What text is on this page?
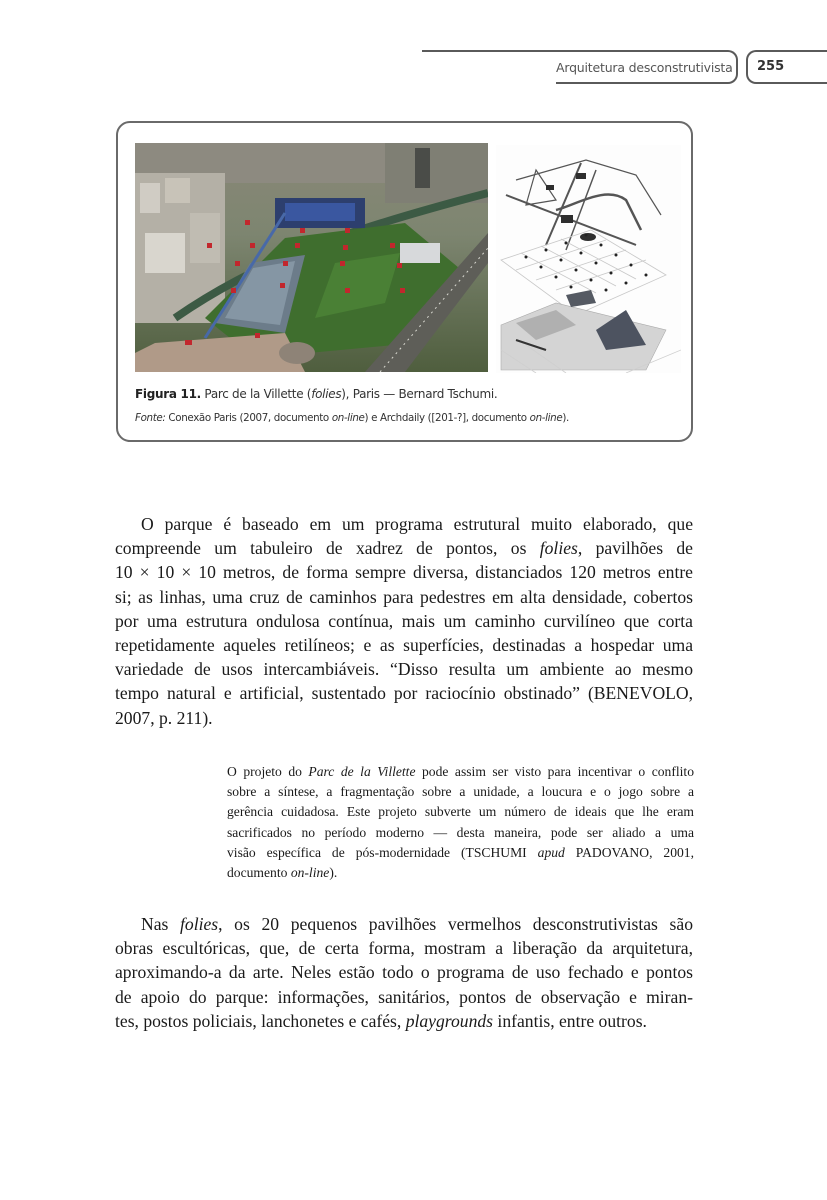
Arquitetura desconstrutivista 255
Figura 11. Parc de la Villette (folies), Paris — Bernard Tschumi.
Fonte: Conexão Paris (2007, documento on-line) e Archdaily ([201-?], documento on-line).
O parque é baseado em um programa estrutural muito elaborado, que
compreende um tabuleiro de xadrez de pontos, os folies, pavilhões de
10 × 10 × 10 metros, de forma sempre diversa, distanciados 120 metros entre
si; as linhas, uma cruz de caminhos para pedestres em alta densidade, cobertos
por uma estrutura ondulosa contínua, mais um caminho curvilíneo que corta
repetidamente aqueles retilíneos; e as superfícies, destinadas a hospedar uma
variedade de usos intercambiáveis. “Disso resulta um ambiente ao mesmo
tempo natural e artificial, sustentado por raciocínio obstinado” (BENEVOLO,
2007, p. 211).
O projeto do Parc de la Villette pode assim ser visto para incentivar o conflito
sobre a síntese, a fragmentação sobre a unidade, a loucura e o jogo sobre a
gerência cuidadosa. Este projeto subverte um número de ideais que lhe eram
sacrificados no período moderno — desta maneira, pode ser aliado a uma
visão específica de pós-modernidade (TSCHUMI apud PADOVANO, 2001,
documento on-line).
Nas folies, os 20 pequenos pavilhões vermelhos desconstrutivistas são
obras escultóricas, que, de certa forma, mostram a liberação da arquitetura,
aproximando-a da arte. Neles estão todo o programa de uso fechado e pontos
de apoio do parque: informações, sanitários, pontos de observação e miran-
tes, postos policiais, lanchonetes e cafés, playgrounds infantis, entre outros.
